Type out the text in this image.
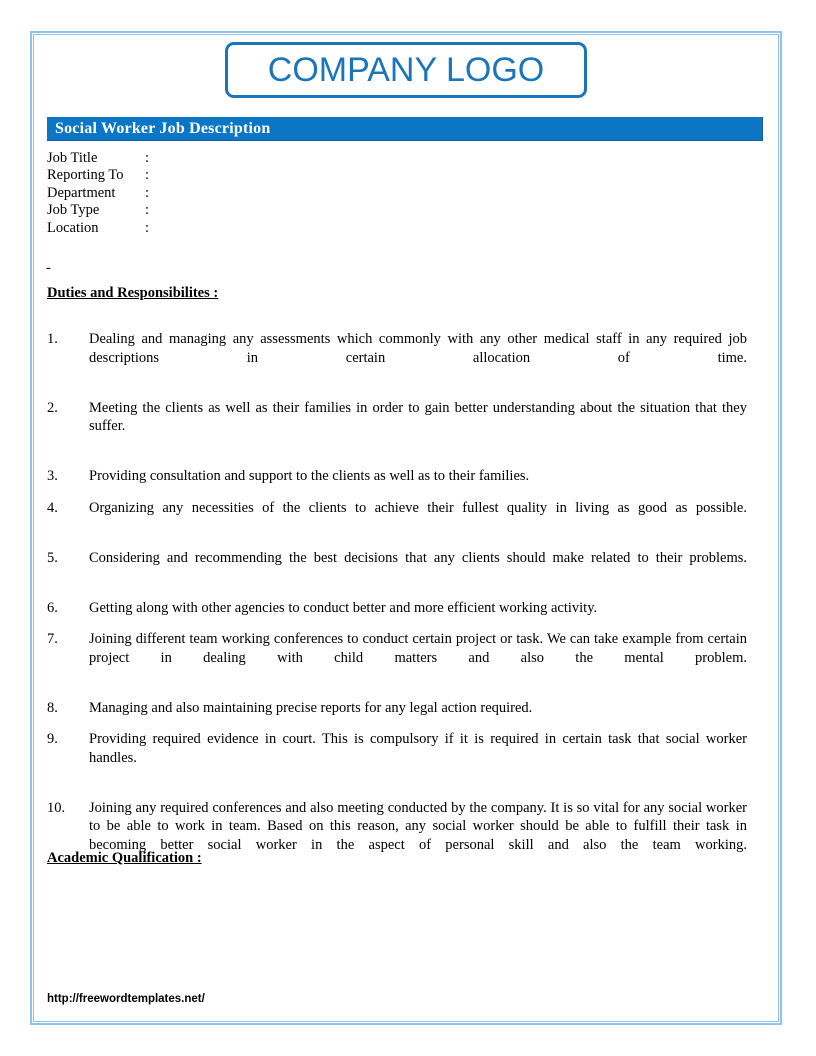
COMPANY LOGO
Social Worker Job Description
Job Title	:
Reporting To	:
Department	:
Job Type	:
Location	:
-
Duties and Responsibilites :
1.	Dealing and managing any assessments which commonly with any other medical staff in any required job descriptions in certain allocation of time.
2.	Meeting the clients as well as their families in order to gain better understanding about the situation that they suffer.
3.	Providing consultation and support to the clients as well as to their families.
4.	Organizing any necessities of the clients to achieve their fullest quality in living as good as possible.
5.	Considering and recommending the best decisions that any clients should make related to their problems.
6.	Getting along with other agencies to conduct better and more efficient working activity.
7.	Joining different team working conferences to conduct certain project or task. We can take example from certain project in dealing with child matters and also the mental problem.
8.	Managing and also maintaining precise reports for any legal action required.
9.	Providing required evidence in court. This is compulsory if it is required in certain task that social worker handles.
10.	Joining any required conferences and also meeting conducted by the company. It is so vital for any social worker to be able to work in team. Based on this reason, any social worker should be able to fulfill their task in becoming better social worker in the aspect of personal skill and also the team working.
Academic Qualification :
http://freewordtemplates.net/
